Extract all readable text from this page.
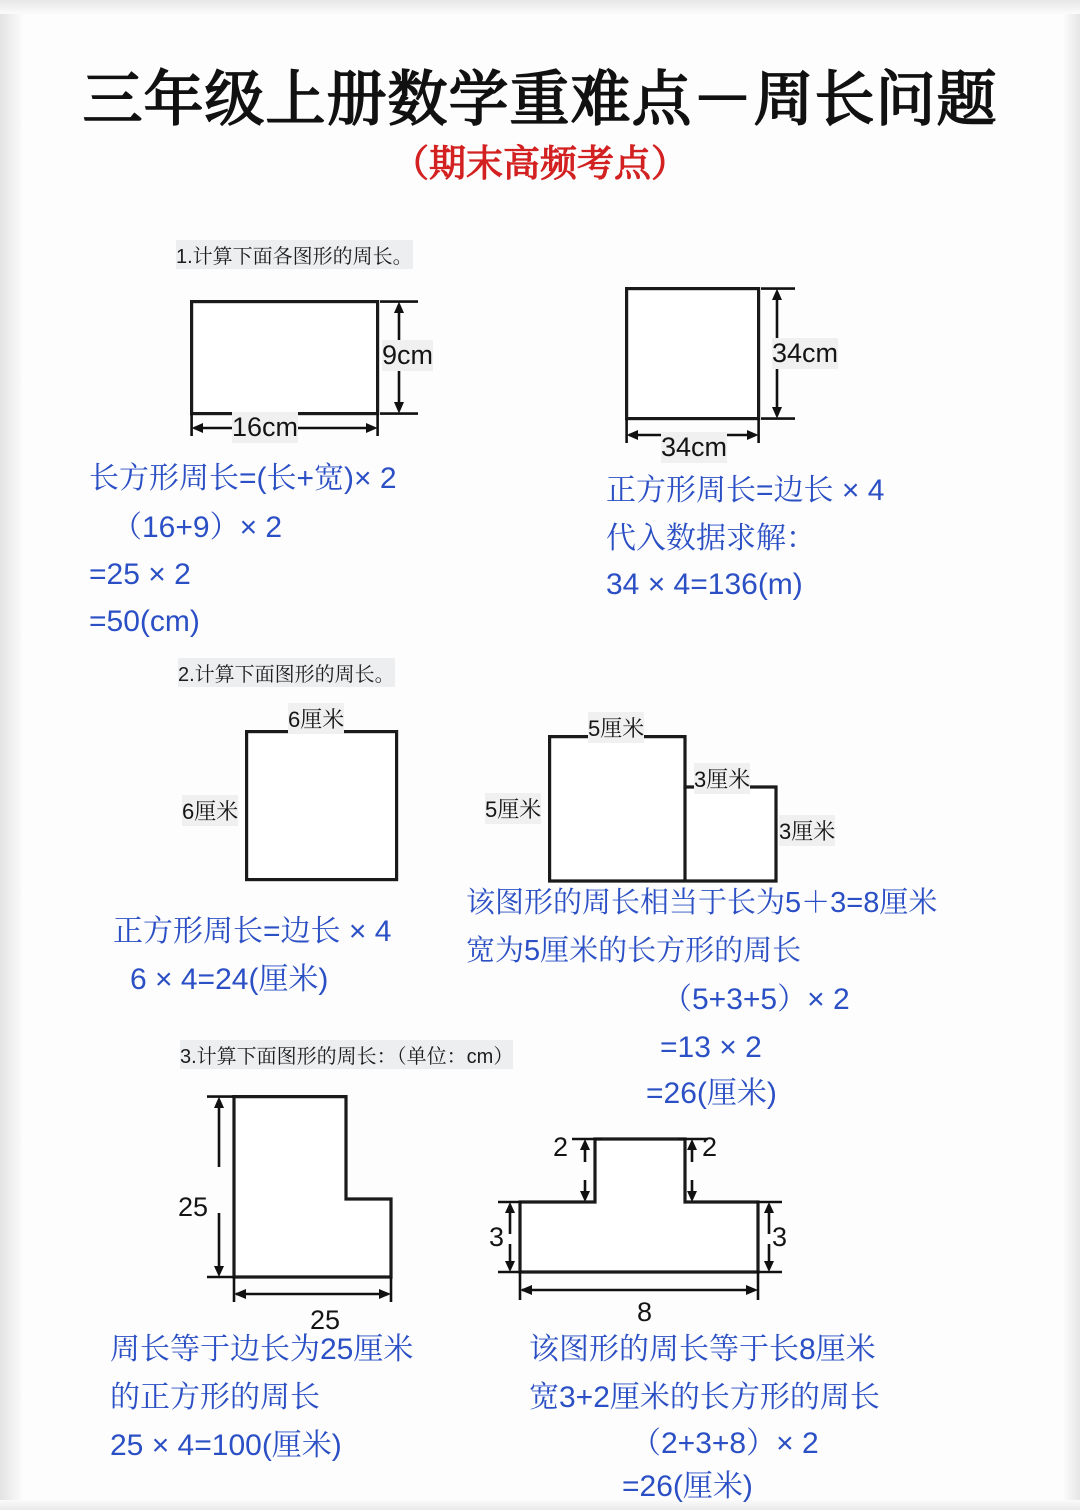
三年级上册数学重难点－周长问题
（期末高频考点）
1.计算下面各图形的周长。
9cm
16cm
34cm
34cm
长方形周长=(长+宽)× 2
（16+9）× 2
=25 × 2
=50(cm)
正方形周长=边长 × 4
代入数据求解：
34 × 4=136(m)
2.计算下面图形的周长。
6厘米
6厘米
5厘米
5厘米
3厘米
3厘米
正方形周长=边长 × 4
6 × 4=24(厘米)
该图形的周长相当于长为5＋3=8厘米
宽为5厘米的长方形的周长
（5+3+5）× 2
=13 × 2
=26(厘米)
3.计算下面图形的周长：（单位：cm）
25
25
2	2
3	3
8
周长等于边长为25厘米
的正方形的周长
25 × 4=100(厘米)
该图形的周长等于长8厘米
宽3+2厘米的长方形的周长
（2+3+8）× 2
=26(厘米)
